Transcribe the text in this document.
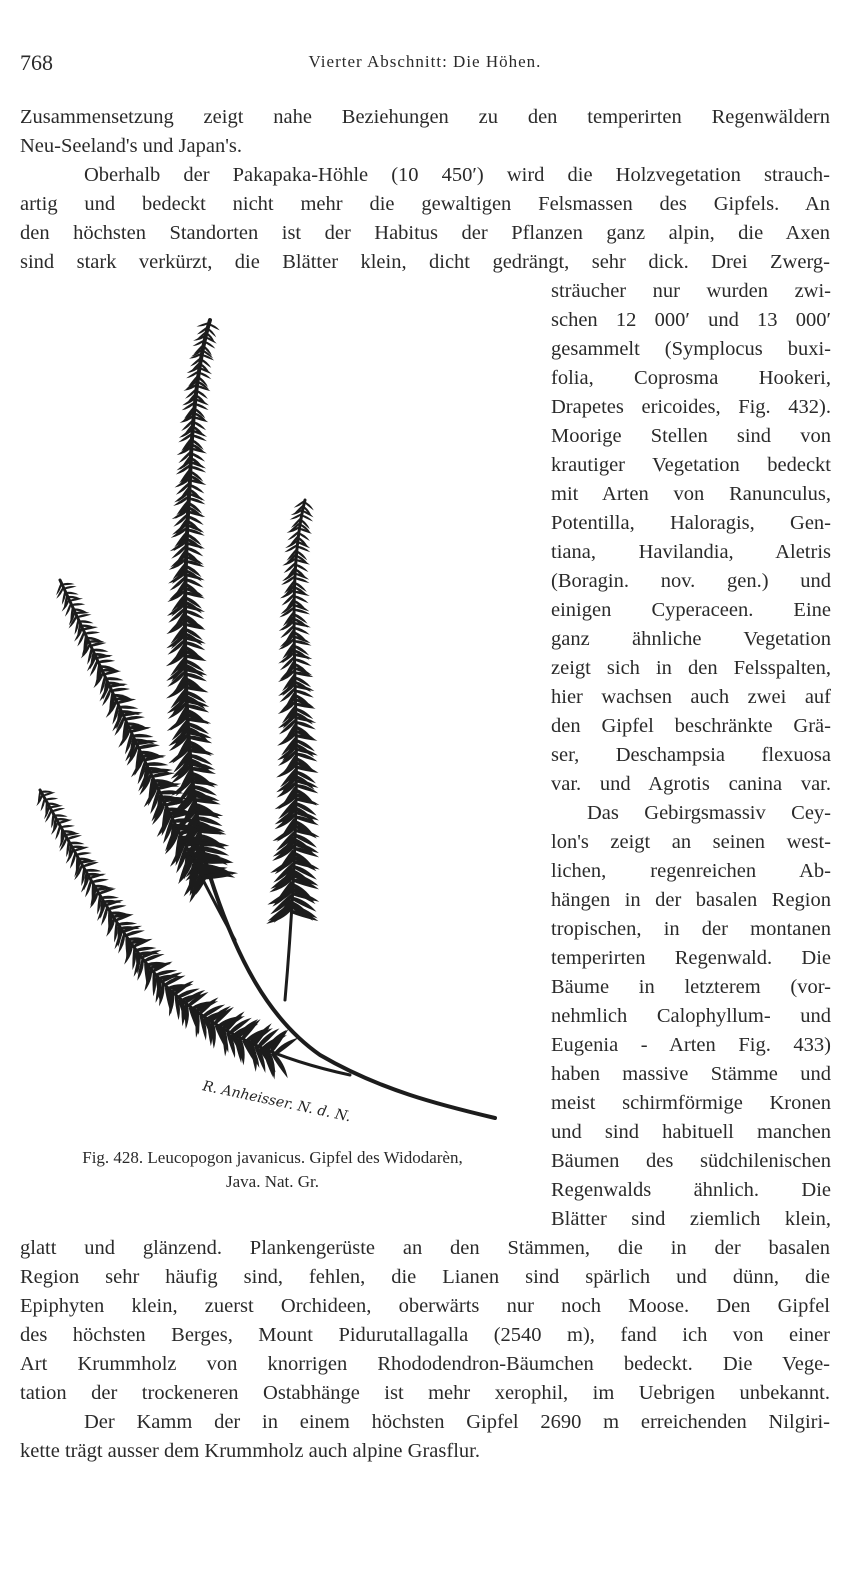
768	Vierter Abschnitt: Die Höhen.
Zusammensetzung zeigt nahe Beziehungen zu den temperirten Regenwäldern
Neu-Seeland's und Japan's.
Oberhalb der Pakapaka-Höhle (10 450′) wird die Holzvegetation strauch-
artig und bedeckt nicht mehr die gewaltigen Felsmassen des Gipfels. An
den höchsten Standorten ist der Habitus der Pflanzen ganz alpin, die Axen
sind stark verkürzt, die Blätter klein, dicht gedrängt, sehr dick. Drei Zwerg-
sträucher nur wurden zwi-
schen 12 000′ und 13 000′
gesammelt (Symplocus buxi-
folia, Coprosma Hookeri,
Drapetes ericoides, Fig. 432).
Moorige Stellen sind von
krautiger Vegetation bedeckt
mit Arten von Ranunculus,
Potentilla, Haloragis, Gen-
tiana, Havilandia, Aletris
(Boragin. nov. gen.) und
einigen Cyperaceen. Eine
ganz ähnliche Vegetation
zeigt sich in den Felsspalten,
hier wachsen auch zwei auf
den Gipfel beschränkte Grä-
ser, Deschampsia flexuosa
var. und Agrotis canina var.
Das Gebirgsmassiv Cey-
lon's zeigt an seinen west-
lichen, regenreichen Ab-
hängen in der basalen Region
tropischen, in der montanen
temperirten Regenwald. Die
Bäume in letzterem (vor-
nehmlich Calophyllum- und
Eugenia - Arten Fig. 433)
haben massive Stämme und
meist schirmförmige Kronen
und sind habituell manchen
Bäumen des südchilenischen
Regenwalds ähnlich. Die
Blätter sind ziemlich klein,
R. Anheisser. N. d. N.
Fig. 428. Leucopogon javanicus. Gipfel des Widodarèn,
Java. Nat. Gr.
glatt und glänzend. Plankengerüste an den Stämmen, die in der basalen
Region sehr häufig sind, fehlen, die Lianen sind spärlich und dünn, die
Epiphyten klein, zuerst Orchideen, oberwärts nur noch Moose. Den Gipfel
des höchsten Berges, Mount Pidurutallagalla (2540 m), fand ich von einer
Art Krummholz von knorrigen Rhododendron-Bäumchen bedeckt. Die Vege-
tation der trockeneren Ostabhänge ist mehr xerophil, im Uebrigen unbekannt.
Der Kamm der in einem höchsten Gipfel 2690 m erreichenden Nilgiri-
kette trägt ausser dem Krummholz auch alpine Grasflur.
